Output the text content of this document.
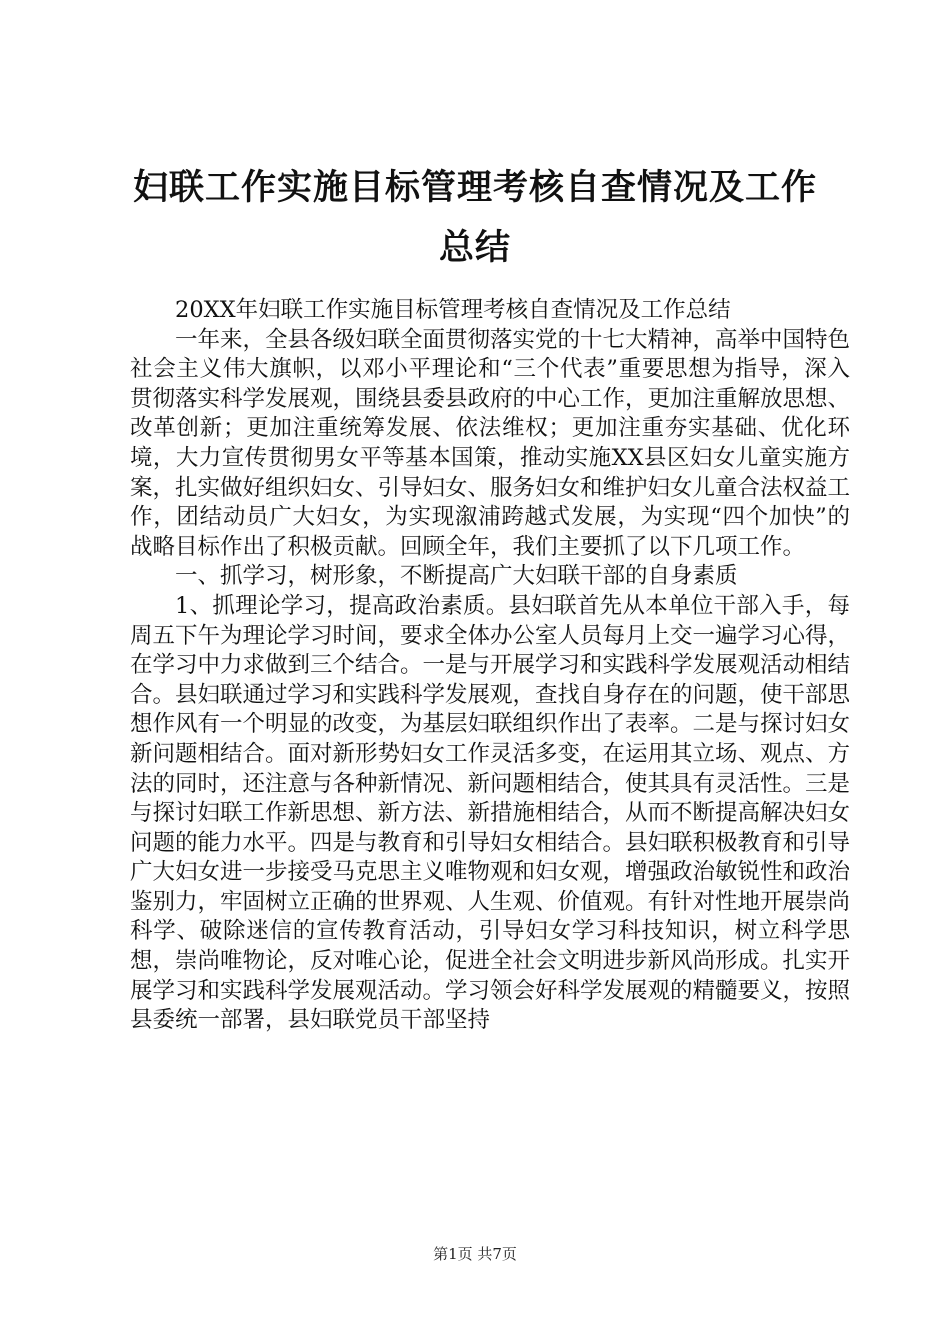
妇联工作实施目标管理考核自查情况及工作总结

20XX年妇联工作实施目标管理考核自查情况及工作总结

一年来，全县各级妇联全面贯彻落实党的十七大精神，高举中国特色社会主义伟大旗帜，以邓小平理论和“三个代表”重要思想为指导，深入贯彻落实科学发展观，围绕县委县政府的中心工作，更加注重解放思想、改革创新；更加注重统筹发展、依法维权；更加注重夯实基础、优化环境，大力宣传贯彻男女平等基本国策，推动实施XX县区妇女儿童实施方案，扎实做好组织妇女、引导妇女、服务妇女和维护妇女儿童合法权益工作，团结动员广大妇女，为实现溆浦跨越式发展，为实现“四个加快”的战略目标作出了积极贡献。回顾全年，我们主要抓了以下几项工作。

一、抓学习，树形象，不断提高广大妇联干部的自身素质

1、抓理论学习，提高政治素质。县妇联首先从本单位干部入手，每周五下午为理论学习时间，要求全体办公室人员每月上交一遍学习心得，在学习中力求做到三个结合。一是与开展学习和实践科学发展观活动相结合。县妇联通过学习和实践科学发展观，查找自身存在的问题，使干部思想作风有一个明显的改变，为基层妇联组织作出了表率。二是与探讨妇女新问题相结合。面对新形势妇女工作灵活多变，在运用其立场、观点、方法的同时，还注意与各种新情况、新问题相结合，使其具有灵活性。三是与探讨妇联工作新思想、新方法、新措施相结合，从而不断提高解决妇女问题的能力水平。四是与教育和引导妇女相结合。县妇联积极教育和引导广大妇女进一步接受马克思主义唯物观和妇女观，增强政治敏锐性和政治鉴别力，牢固树立正确的世界观、人生观、价值观。有针对性地开展崇尚科学、破除迷信的宣传教育活动，引导妇女学习科技知识，树立科学思想，崇尚唯物论，反对唯心论，促进全社会文明进步新风尚形成。扎实开展学习和实践科学发展观活动。学习领会好科学发展观的精髓要义，按照县委统一部署，县妇联党员干部坚持

第1页 共7页
